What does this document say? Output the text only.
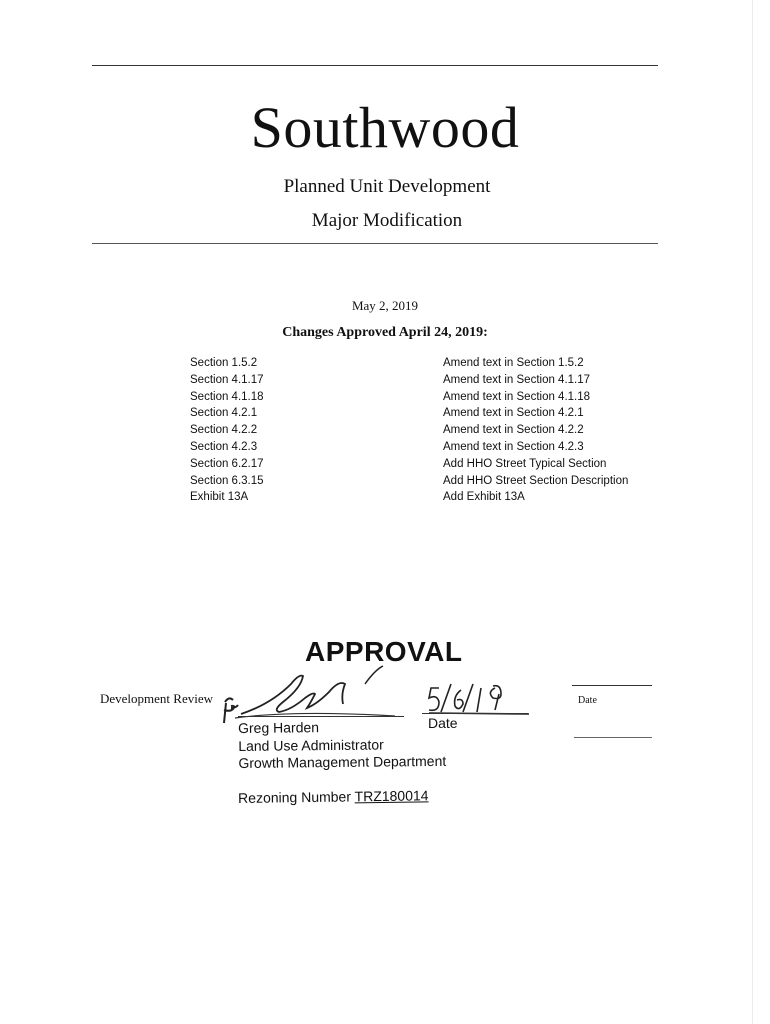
Southwood
Planned Unit Development
Major Modification
May 2, 2019
Changes Approved April 24, 2019:
Section 1.5.2	Amend text in Section 1.5.2
Section 4.1.17	Amend text in Section 4.1.17
Section 4.1.18	Amend text in Section 4.1.18
Section 4.2.1	Amend text in Section 4.2.1
Section 4.2.2	Amend text in Section 4.2.2
Section 4.2.3	Amend text in Section 4.2.3
Section 6.2.17	Add HHO Street Typical Section
Section 6.3.15	Add HHO Street Section Description
Exhibit 13A	Add Exhibit 13A
APPROVAL
Development Review
Date
Date
Greg Harden
Land Use Administrator
Growth Management Department
Rezoning Number TRZ180014
